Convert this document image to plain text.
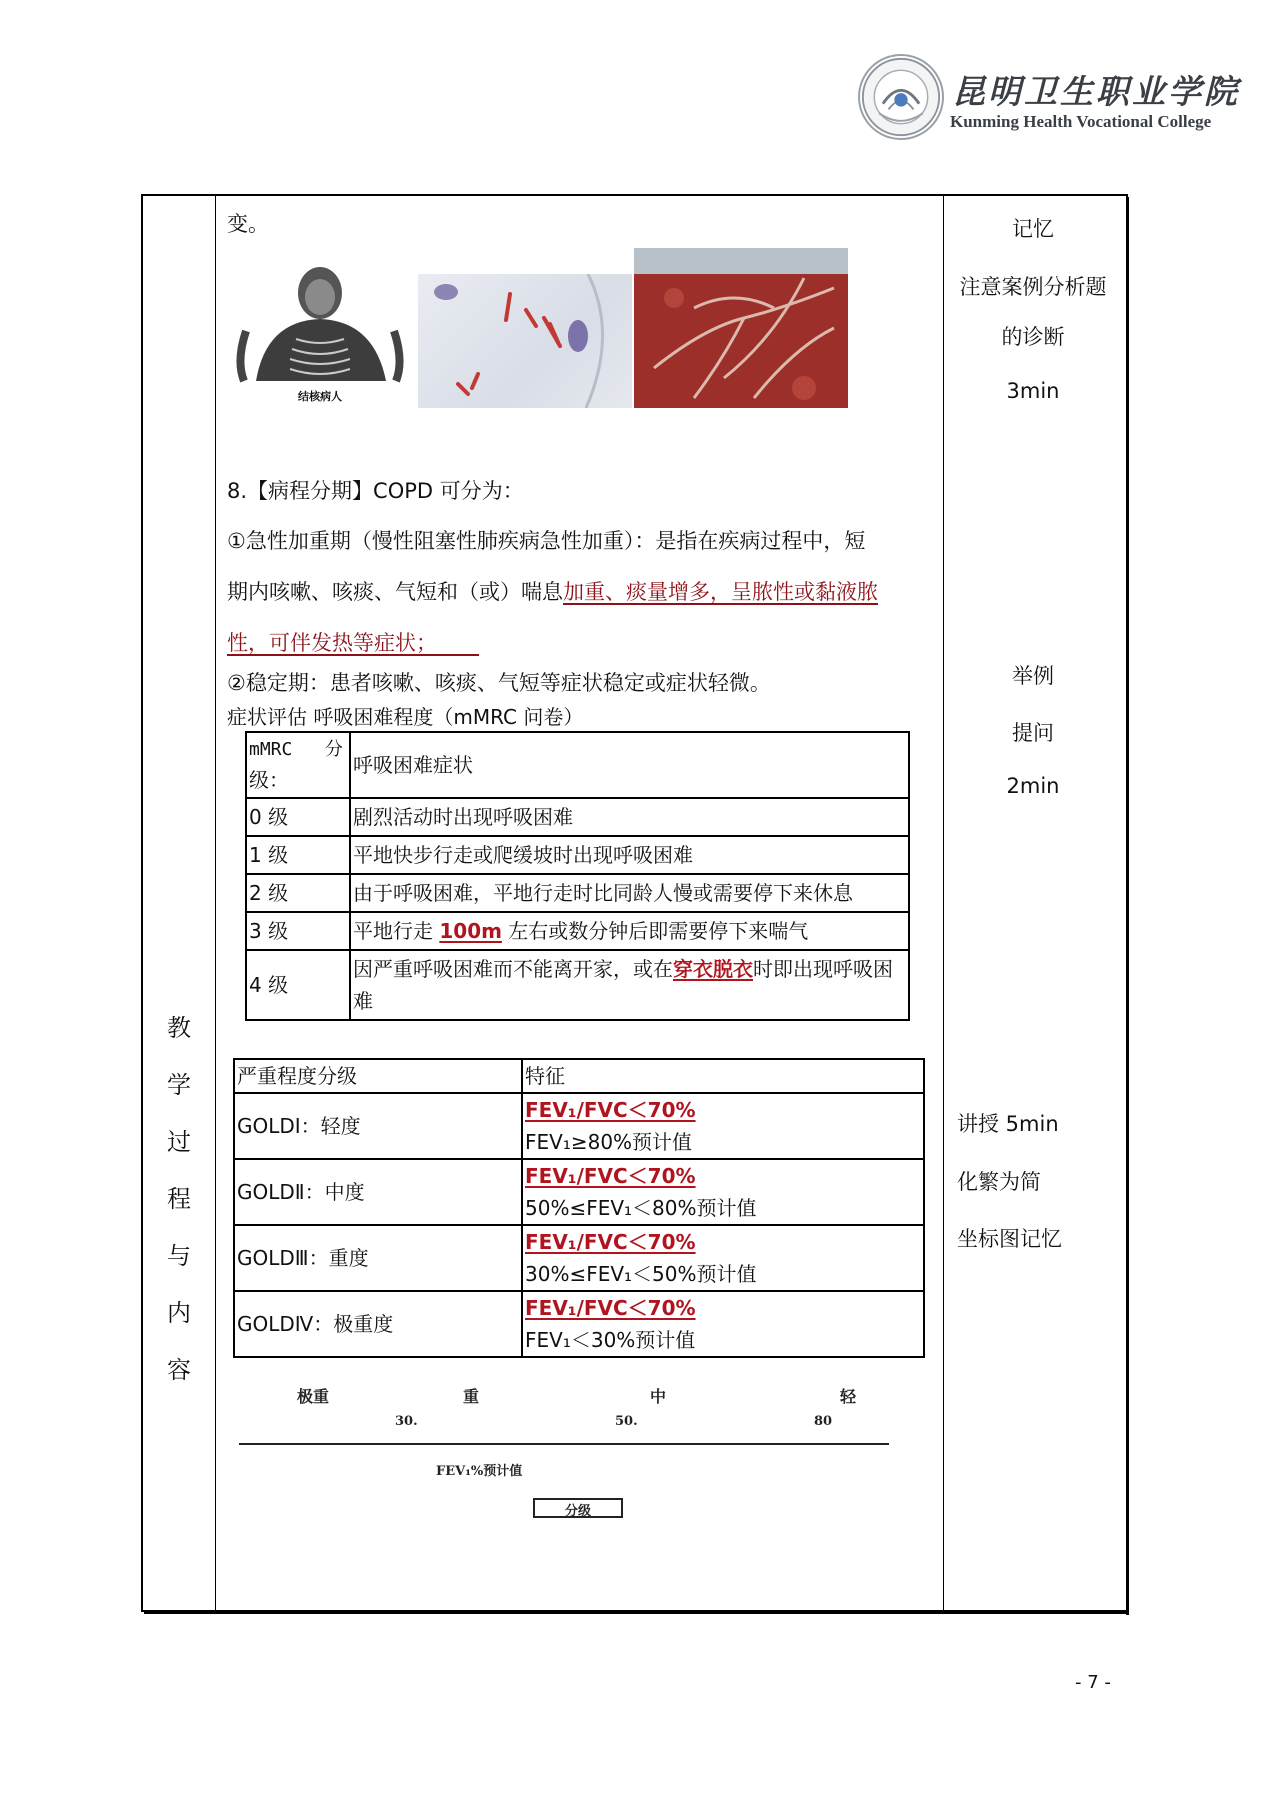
昆明卫生职业学院
Kunming Health Vocational College
教
学
过
程
与
内
容
记忆
注意案例分析题
的诊断
3min
举例
提问
2min
讲授 5min
化繁为简
坐标图记忆
变。
结核病人
8.【病程分期】COPD 可分为：
①急性加重期（慢性阻塞性肺疾病急性加重）：是指在疾病过程中，短
期内咳嗽、咳痰、气短和（或）喘息加重、痰量增多，呈脓性或黏液脓
性，可伴发热等症状；  
②稳定期：患者咳嗽、咳痰、气短等症状稳定或症状轻微。
症状评估 呼吸困难程度（mMRC 问卷）
mMRC   分
级：	呼吸困难症状
0 级	剧烈活动时出现呼吸困难
1 级	平地快步行走或爬缓坡时出现呼吸困难
2 级	由于呼吸困难，平地行走时比同龄人慢或需要停下来休息
3 级	平地行走 100m 左右或数分钟后即需要停下来喘气
4 级	因严重呼吸困难而不能离开家，或在穿衣脱衣时即出现呼吸困难
严重程度分级	特征
GOLDⅠ：轻度	FEV₁/FVC＜70%
FEV₁≥80%预计值

GOLDⅡ：中度	FEV₁/FVC＜70%
50%≤FEV₁＜80%预计值

GOLDⅢ：重度	FEV₁/FVC＜70%
30%≤FEV₁＜50%预计值

GOLDⅣ：极重度	FEV₁/FVC＜70%
FEV₁＜30%预计值
极重	重	中	轻
30.	50.	80
FEV₁%预计值
分级
- 7 -
